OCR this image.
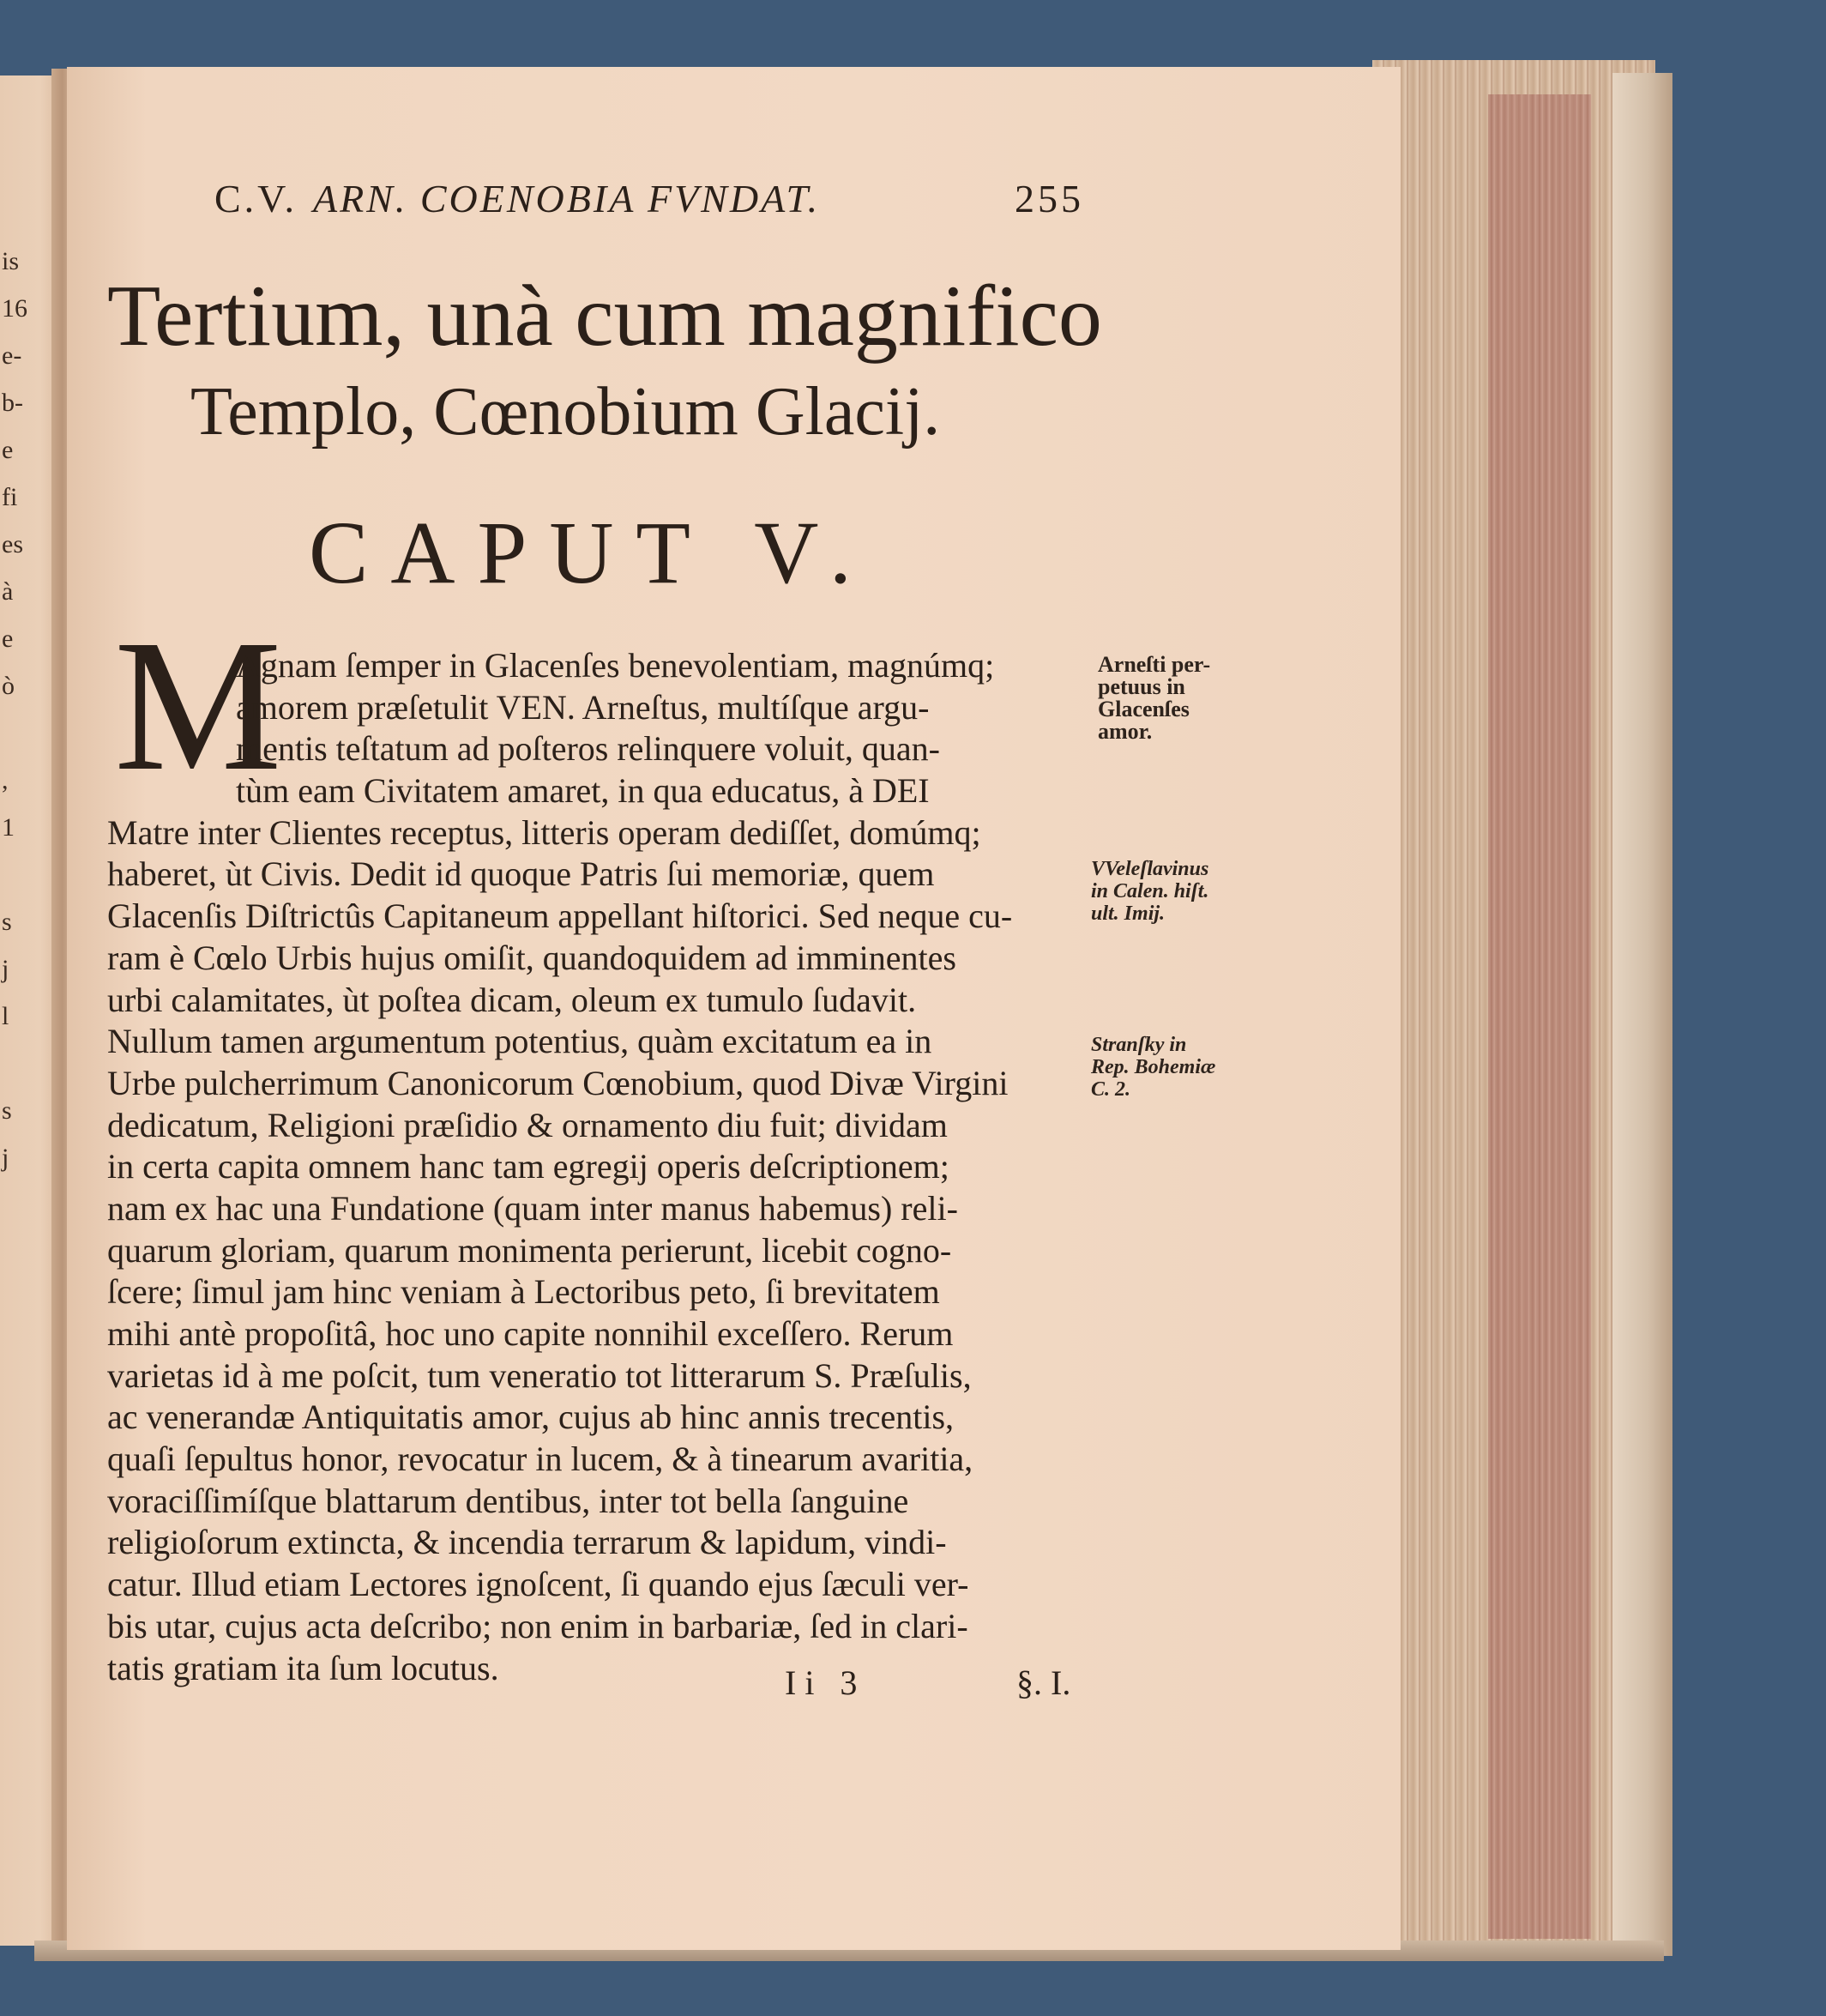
is
16
e-
b-
e
fi
es
à
e
ò
,
1
s
j
l
s
j
C.V. ARN. COENOBIA FVNDAT.	255
Tertium, unà cum magnifico
Templo, Cœnobium Glacij.
CAPUT V.
M
Agnam ſemper in Glacenſes benevolentiam, magnúmq;
amorem præſetulit VEN. Arneſtus, multíſque argu-
mentis teſtatum ad poſteros relinquere voluit, quan-
tùm eam Civitatem amaret, in qua educatus, à DEI
Matre inter Clientes receptus, litteris operam dediſſet, domúmq;
haberet, ùt Civis. Dedit id quoque Patris ſui memoriæ, quem
Glacenſis Diſtrictûs Capitaneum appellant hiſtorici. Sed neque cu-
ram è Cœlo Urbis hujus omiſit, quandoquidem ad imminentes
urbi calamitates, ùt poſtea dicam, oleum ex tumulo ſudavit.
Nullum tamen argumentum potentius, quàm excitatum ea in
Urbe pulcherrimum Canonicorum Cœnobium, quod Divæ Virgini
dedicatum, Religioni præſidio & ornamento diu fuit; dividam
in certa capita omnem hanc tam egregij operis deſcriptionem;
nam ex hac una Fundatione (quam inter manus habemus) reli-
quarum gloriam, quarum monimenta perierunt, licebit cogno-
ſcere; ſimul jam hinc veniam à Lectoribus peto, ſi brevitatem
mihi antè propoſitâ, hoc uno capite nonnihil exceſſero. Rerum
varietas id à me poſcit, tum veneratio tot litterarum S. Præſulis,
ac venerandæ Antiquitatis amor, cujus ab hinc annis trecentis,
quaſi ſepultus honor, revocatur in lucem, & à tinearum avaritia,
voraciſſimíſque blattarum dentibus, inter tot bella ſanguine
religioſorum extincta, & incendia terrarum & lapidum, vindi-
catur. Illud etiam Lectores ignoſcent, ſi quando ejus ſæculi ver-
bis utar, cujus acta deſcribo; non enim in barbariæ, ſed in clari-
tatis gratiam ita ſum locutus.	Ii 3	§. I.
Arneſti per-
petuus in
Glacenſes
amor.
VVeleſlavinus
in Calen. hiſt.
ult. Imij.
Stranſky in
Rep. Bohemiæ
C. 2.
